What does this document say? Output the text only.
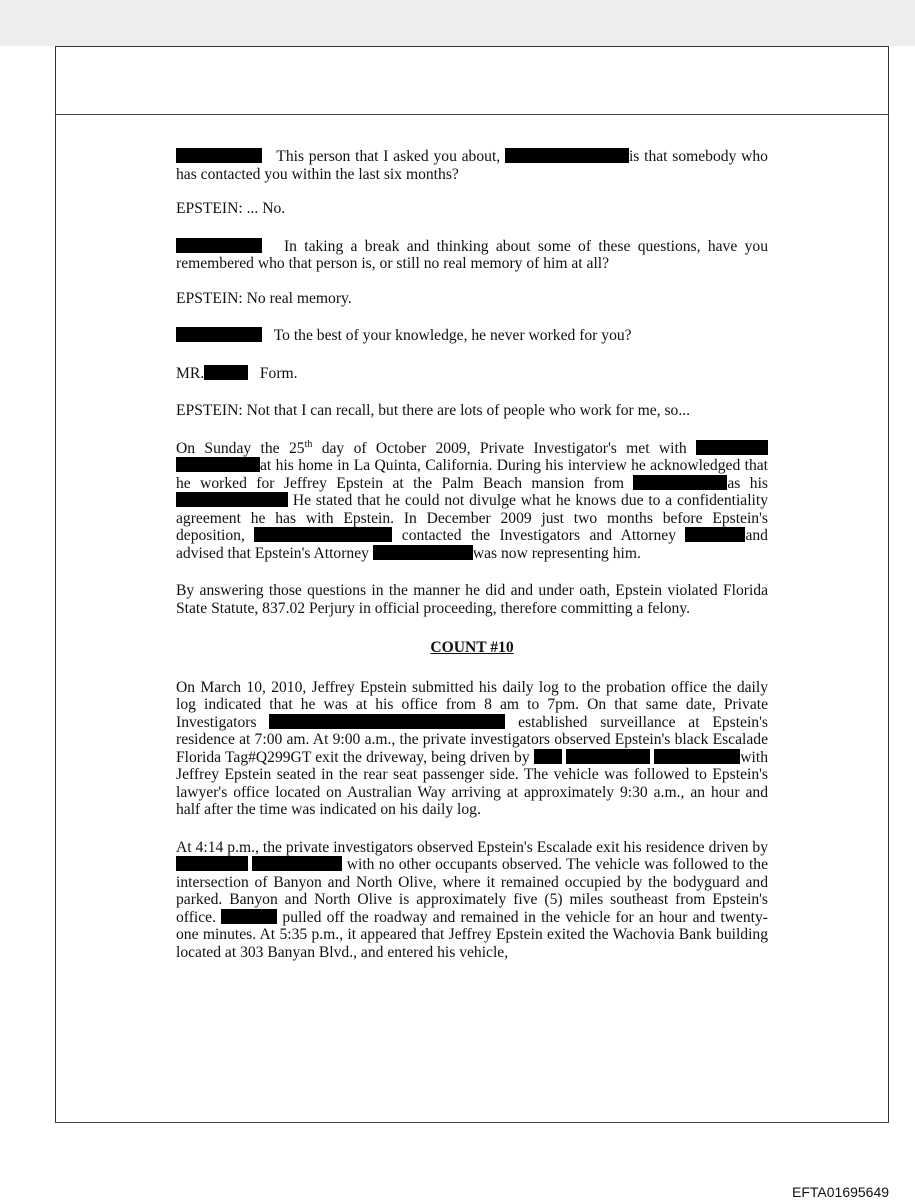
This person that I asked you about,	is that somebody who has contacted you within the last six months?

EPSTEIN: ... No.

In taking a break and thinking about some of these questions, have you remembered who that person is, or still no real memory of him at all?

EPSTEIN: No real memory.

To the best of your knowledge, he never worked for you?

MR.	Form.

EPSTEIN: Not that I can recall, but there are lots of people who work for me, so...

On Sunday the 25th day of October 2009, Private Investigator's met with  at his home in La Quinta, California. During his interview he acknowledged that he worked for Jeffrey Epstein at the Palm Beach mansion from	as his  He stated that he could not divulge what he knows due to a confidentiality agreement he has with Epstein. In December 2009 just two months before Epstein's deposition,	contacted the Investigators and Attorney	and advised that Epstein's Attorney	was now representing him.

By answering those questions in the manner he did and under oath, Epstein violated Florida State Statute, 837.02 Perjury in official proceeding, therefore committing a felony.

COUNT #10

On March 10, 2010, Jeffrey Epstein submitted his daily log to the probation office the daily log indicated that he was at his office from 8 am to 7pm. On that same date, Private Investigators	established surveillance at Epstein's residence at 7:00 am. At 9:00 a.m., the private investigators observed Epstein's black Escalade Florida Tag#Q299GT exit the driveway, being driven by	with Jeffrey Epstein seated in the rear seat passenger side. The vehicle was followed to Epstein's lawyer's office located on Australian Way arriving at approximately 9:30 a.m., an hour and half after the time was indicated on his daily log.

At 4:14 p.m., the private investigators observed Epstein's Escalade exit his residence driven by   with no other occupants observed. The vehicle was followed to the intersection of Banyon and North Olive, where it remained occupied by the bodyguard and parked. Banyon and North Olive is approximately five (5) miles southeast from Epstein's office.	pulled off the roadway and remained in the vehicle for an hour and twenty-one minutes. At 5:35 p.m., it appeared that Jeffrey Epstein exited the Wachovia Bank building located at 303 Banyan Blvd., and entered his vehicle,

EFTA01695649
